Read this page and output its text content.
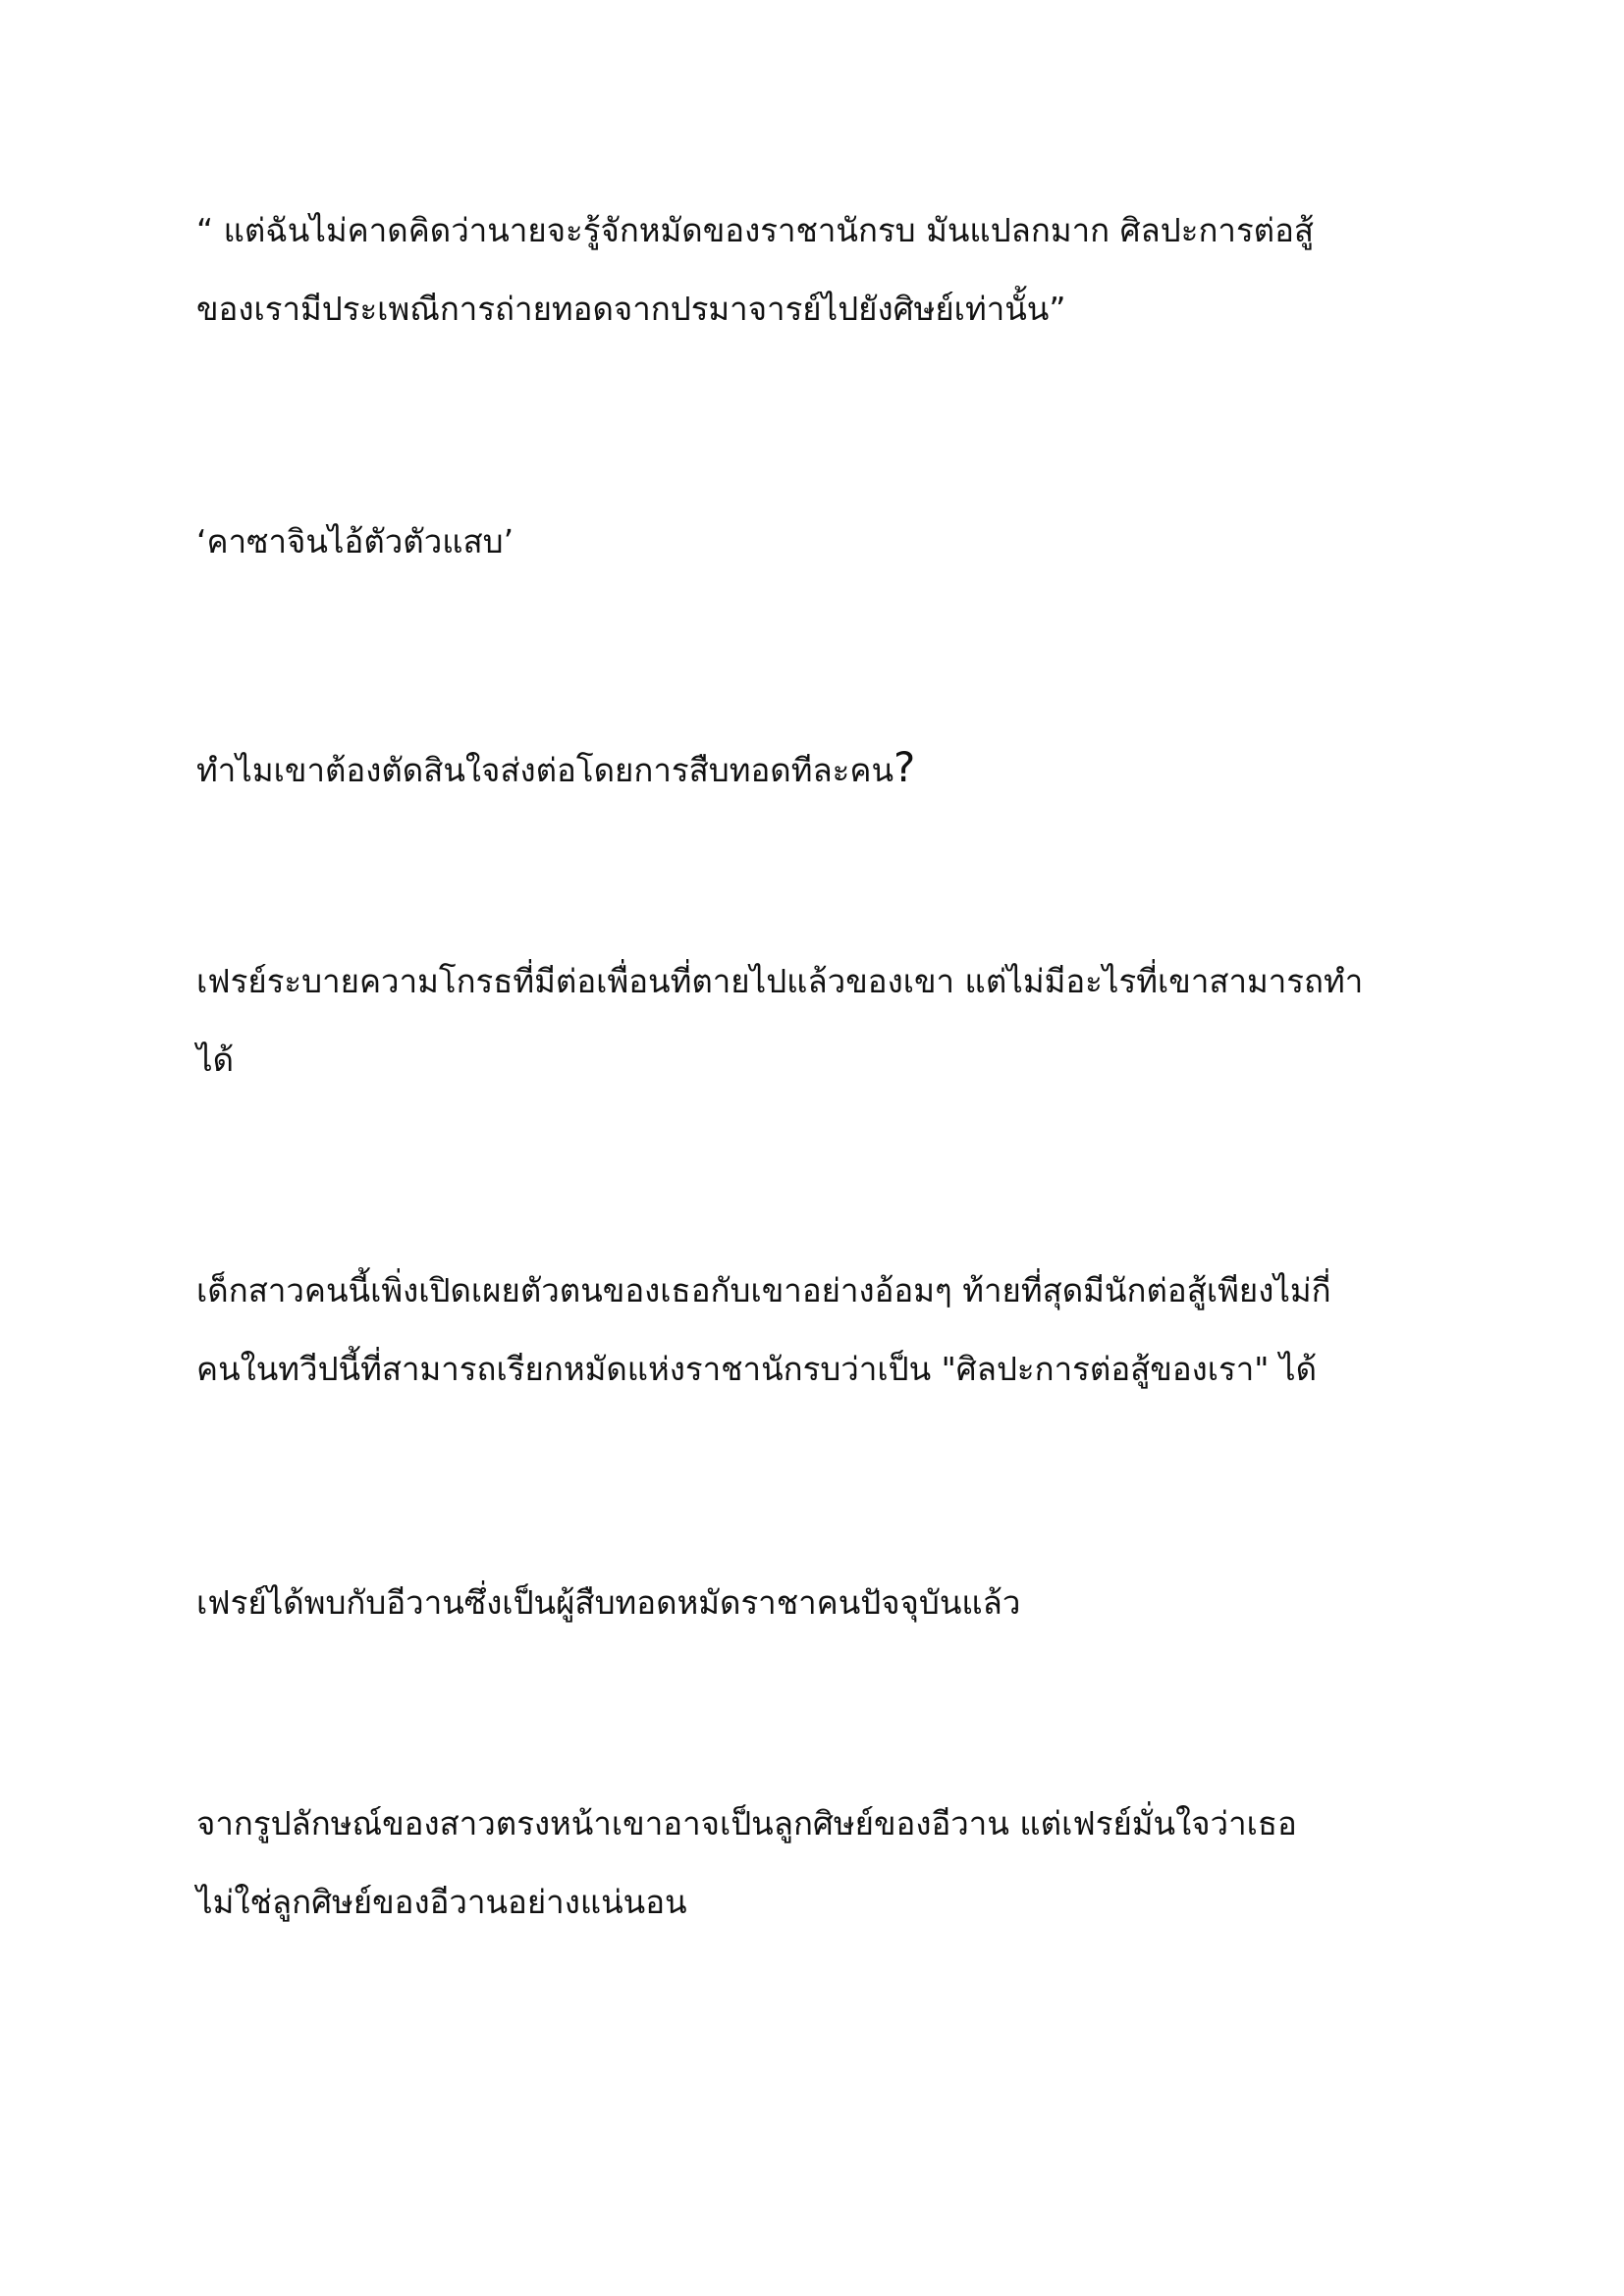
“ แต่ฉันไม่คาดคิดว่านายจะรู้จักหมัดของราชานักรบ มันแปลกมาก ศิลปะการต่อสู้
ของเรามีประเพณีการถ่ายทอดจากปรมาจารย์ไปยังศิษย์เท่านั้น”

‘คาซาจินไอ้ตัวตัวแสบ’

ทำไมเขาต้องตัดสินใจส่งต่อโดยการสืบทอดทีละคน?

เฟรย์ระบายความโกรธที่มีต่อเพื่อนที่ตายไปแล้วของเขา แต่ไม่มีอะไรที่เขาสามารถทำ
ได้

เด็กสาวคนนี้เพิ่งเปิดเผยตัวตนของเธอกับเขาอย่างอ้อมๆ ท้ายที่สุดมีนักต่อสู้เพียงไม่กี่
คนในทวีปนี้ที่สามารถเรียกหมัดแห่งราชานักรบว่าเป็น "ศิลปะการต่อสู้ของเรา" ได้

เฟรย์ได้พบกับอีวานซึ่งเป็นผู้สืบทอดหมัดราชาคนปัจจุบันแล้ว

จากรูปลักษณ์ของสาวตรงหน้าเขาอาจเป็นลูกศิษย์ของอีวาน แต่เฟรย์มั่นใจว่าเธอ
ไม่ใช่ลูกศิษย์ของอีวานอย่างแน่นอน
